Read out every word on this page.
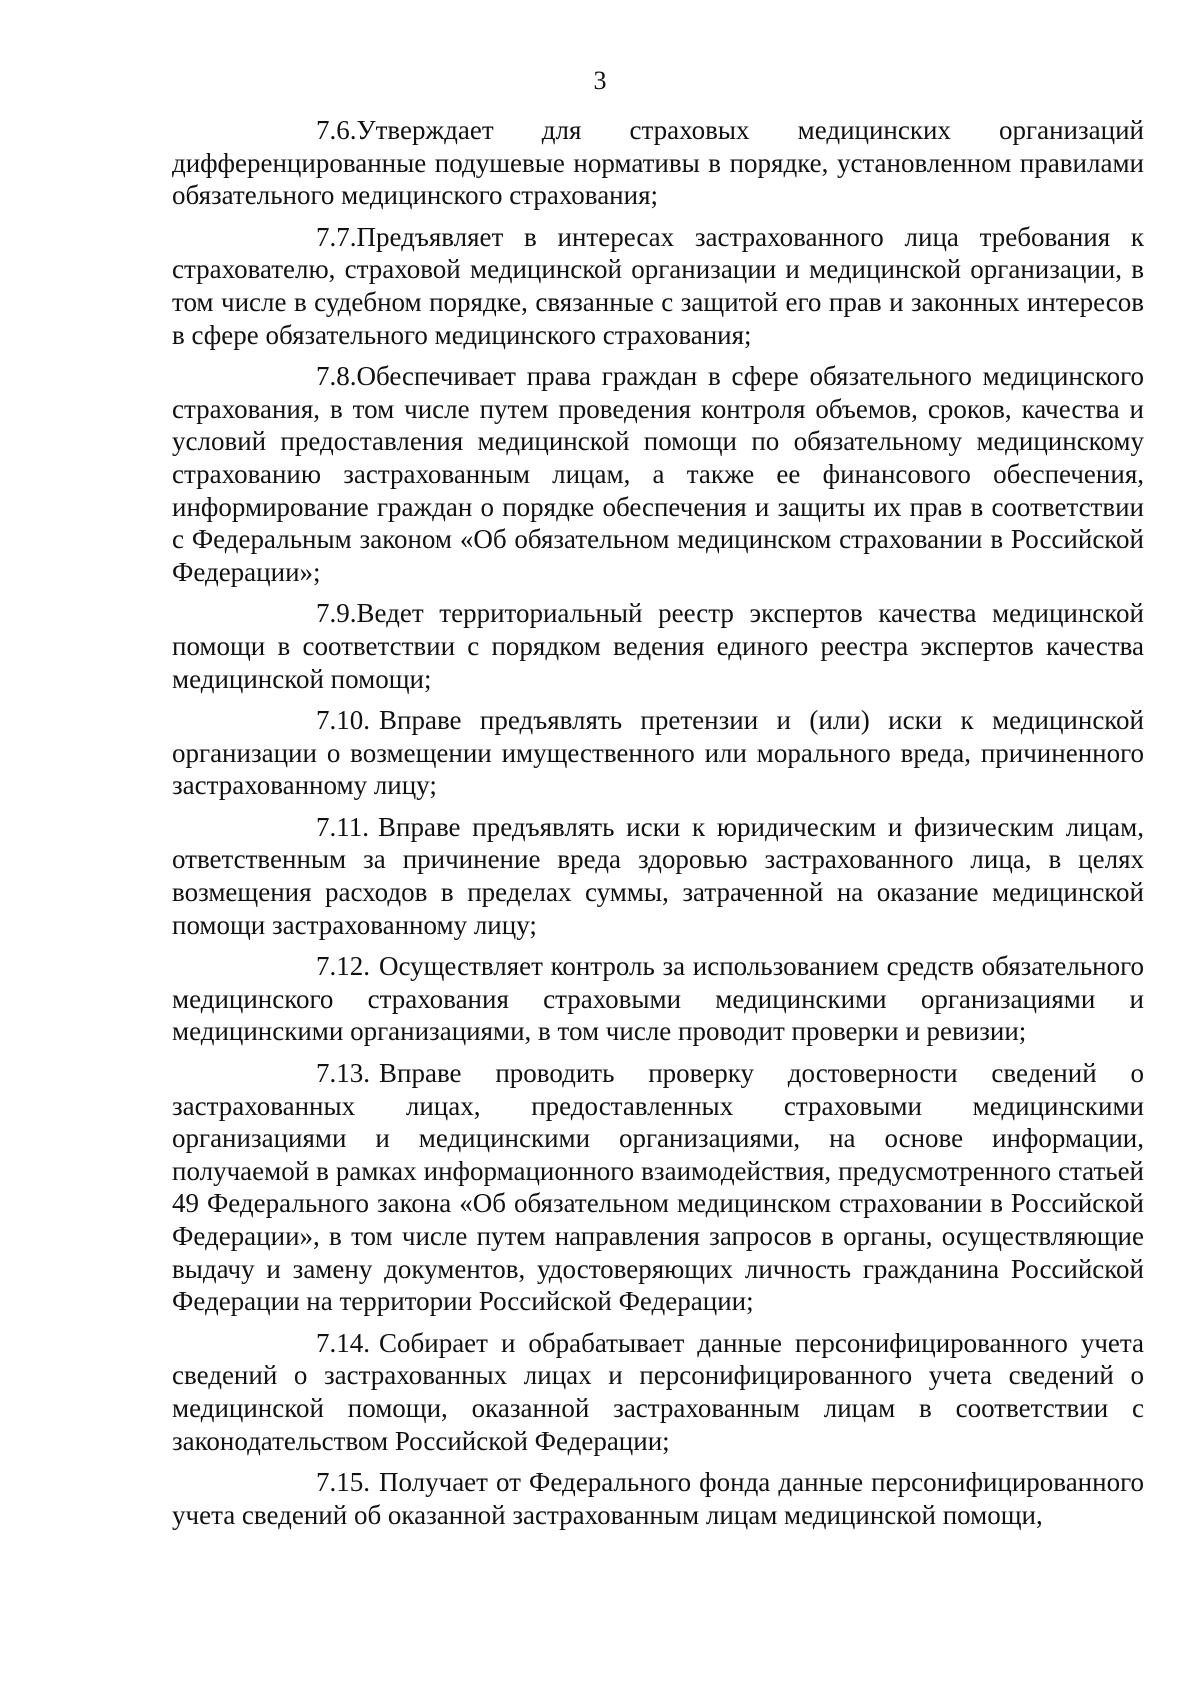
3

7.6.Утверждает для страховых медицинских организаций дифференцированные подушевые нормативы в порядке, установленном правилами обязательного медицинского страхования;

7.7.Предъявляет в интересах застрахованного лица требования к страхователю, страховой медицинской организации и медицинской организации, в том числе в судебном порядке, связанные с защитой его прав и законных интересов в сфере обязательного медицинского страхования;

7.8.Обеспечивает права граждан в сфере обязательного медицинского страхования, в том числе путем проведения контроля объемов, сроков, качества и условий предоставления медицинской помощи по обязательному медицинскому страхованию застрахованным лицам, а также ее финансового обеспечения, информирование граждан о порядке обеспечения и защиты их прав в соответствии с Федеральным законом «Об обязательном медицинском страховании в Российской Федерации»;

7.9.Ведет территориальный реестр экспертов качества медицинской помощи в соответствии с порядком ведения единого реестра экспертов качества медицинской помощи;

7.10. Вправе предъявлять претензии и (или) иски к медицинской организации о возмещении имущественного или морального вреда, причиненного застрахованному лицу;

7.11. Вправе предъявлять иски к юридическим и физическим лицам, ответственным за причинение вреда здоровью застрахованного лица, в целях возмещения расходов в пределах суммы, затраченной на оказание медицинской помощи застрахованному лицу;

7.12. Осуществляет контроль за использованием средств обязательного медицинского страхования страховыми медицинскими организациями и медицинскими организациями, в том числе проводит проверки и ревизии;

7.13. Вправе проводить проверку достоверности сведений о застрахованных лицах, предоставленных страховыми медицинскими организациями и медицинскими организациями, на основе информации, получаемой в рамках информационного взаимодействия, предусмотренного статьей 49 Федерального закона «Об обязательном медицинском страховании в Российской Федерации», в том числе путем направления запросов в органы, осуществляющие выдачу и замену документов, удостоверяющих личность гражданина Российской Федерации на территории Российской Федерации;

7.14. Собирает и обрабатывает данные персонифицированного учета сведений о застрахованных лицах и персонифицированного учета сведений о медицинской помощи, оказанной застрахованным лицам в соответствии с законодательством Российской Федерации;

7.15. Получает от Федерального фонда данные персонифицированного учета сведений об оказанной застрахованным лицам медицинской помощи,
